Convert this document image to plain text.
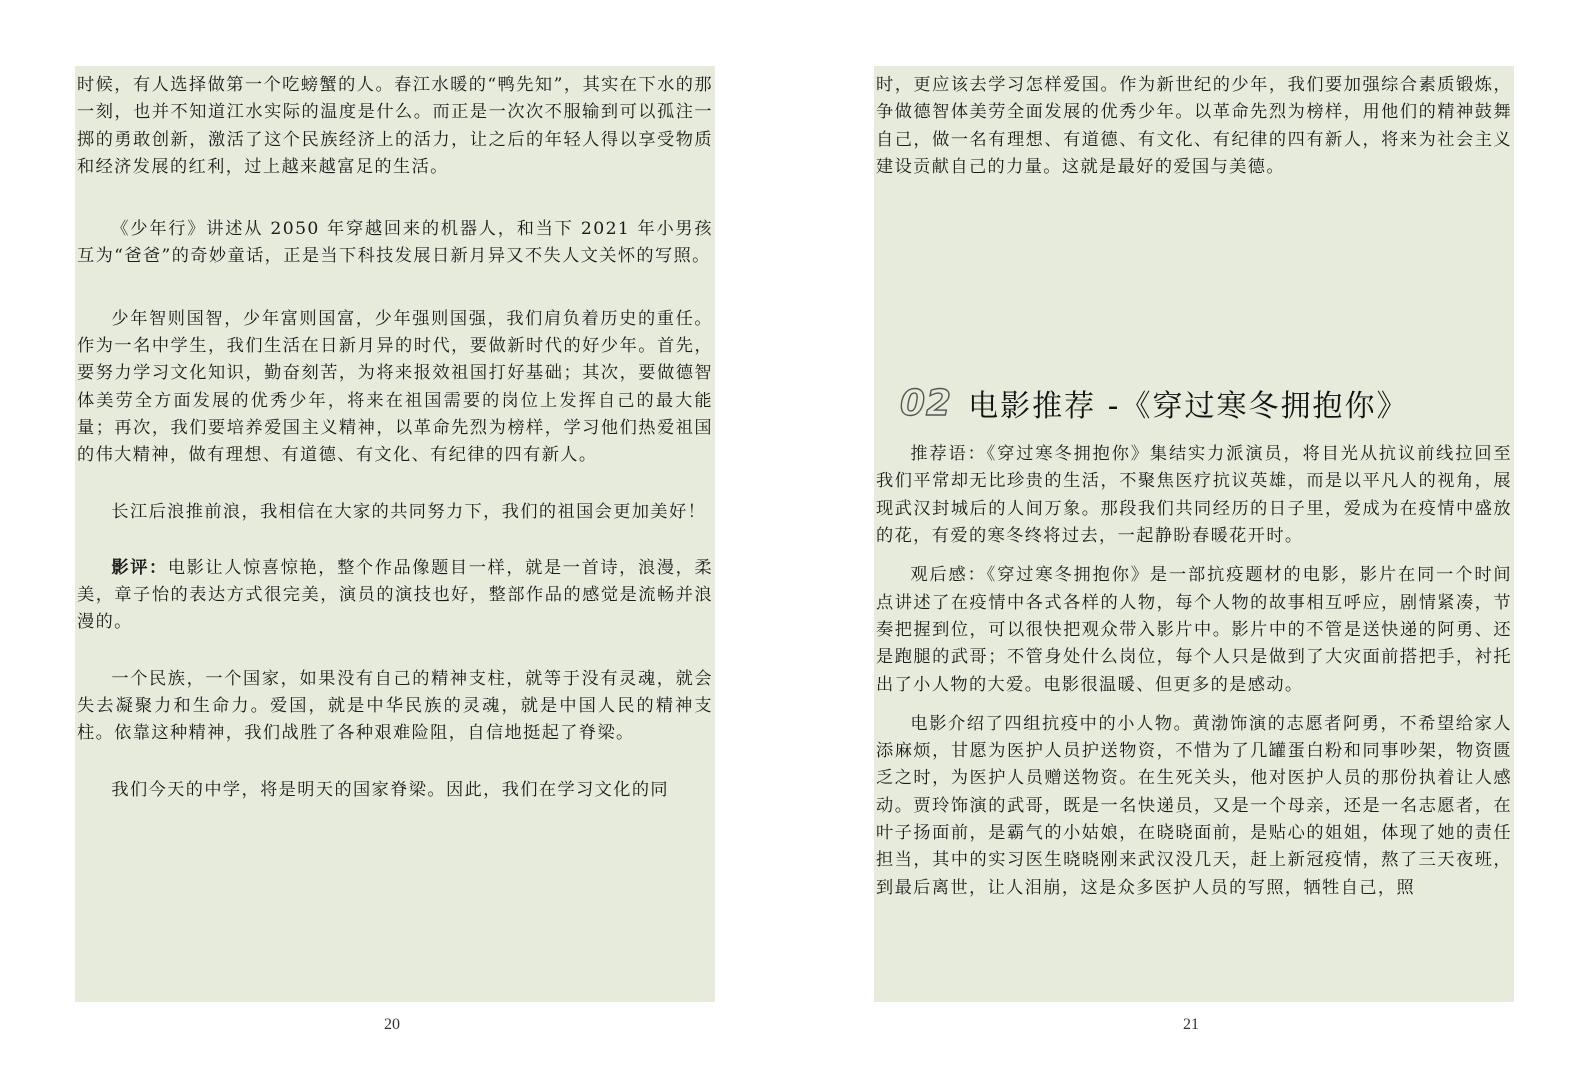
时候，有人选择做第一个吃螃蟹的人。春江水暖的“鸭先知”，其实在下水的那一刻，也并不知道江水实际的温度是什么。而正是一次次不服输到可以孤注一掷的勇敢创新，激活了这个民族经济上的活力，让之后的年轻人得以享受物质和经济发展的红利，过上越来越富足的生活。

《少年行》讲述从 2050 年穿越回来的机器人，和当下 2021 年小男孩互为“爸爸”的奇妙童话，正是当下科技发展日新月异又不失人文关怀的写照。

少年智则国智，少年富则国富，少年强则国强，我们肩负着历史的重任。作为一名中学生，我们生活在日新月异的时代，要做新时代的好少年。首先，要努力学习文化知识，勤奋刻苦，为将来报效祖国打好基础；其次，要做德智体美劳全方面发展的优秀少年，将来在祖国需要的岗位上发挥自己的最大能量；再次，我们要培养爱国主义精神，以革命先烈为榜样，学习他们热爱祖国的伟大精神，做有理想、有道德、有文化、有纪律的四有新人。

长江后浪推前浪，我相信在大家的共同努力下，我们的祖国会更加美好！

影评：电影让人惊喜惊艳，整个作品像题目一样，就是一首诗，浪漫，柔美，章子怡的表达方式很完美，演员的演技也好，整部作品的感觉是流畅并浪漫的。

一个民族，一个国家，如果没有自己的精神支柱，就等于没有灵魂，就会失去凝聚力和生命力。爱国，就是中华民族的灵魂，就是中国人民的精神支柱。依靠这种精神，我们战胜了各种艰难险阻，自信地挺起了脊梁。

我们今天的中学，将是明天的国家脊梁。因此，我们在学习文化的同

20

时，更应该去学习怎样爱国。作为新世纪的少年，我们要加强综合素质锻炼，争做德智体美劳全面发展的优秀少年。以革命先烈为榜样，用他们的精神鼓舞自己，做一名有理想、有道德、有文化、有纪律的四有新人，将来为社会主义建设贡献自己的力量。这就是最好的爱国与美德。

02 电影推荐 -《穿过寒冬拥抱你》

推荐语：《穿过寒冬拥抱你》集结实力派演员，将目光从抗议前线拉回至我们平常却无比珍贵的生活，不聚焦医疗抗议英雄，而是以平凡人的视角，展现武汉封城后的人间万象。那段我们共同经历的日子里，爱成为在疫情中盛放的花，有爱的寒冬终将过去，一起静盼春暖花开时。

观后感：《穿过寒冬拥抱你》是一部抗疫题材的电影，影片在同一个时间点讲述了在疫情中各式各样的人物，每个人物的故事相互呼应，剧情紧凑，节奏把握到位，可以很快把观众带入影片中。影片中的不管是送快递的阿勇、还是跑腿的武哥；不管身处什么岗位，每个人只是做到了大灾面前搭把手，衬托出了小人物的大爱。电影很温暖、但更多的是感动。

电影介绍了四组抗疫中的小人物。黄渤饰演的志愿者阿勇，不希望给家人添麻烦，甘愿为医护人员护送物资，不惜为了几罐蛋白粉和同事吵架，物资匮乏之时，为医护人员赠送物资。在生死关头，他对医护人员的那份执着让人感动。贾玲饰演的武哥，既是一名快递员，又是一个母亲，还是一名志愿者，在叶子扬面前，是霸气的小姑娘，在晓晓面前，是贴心的姐姐，体现了她的责任担当，其中的实习医生晓晓刚来武汉没几天，赶上新冠疫情，熬了三天夜班，到最后离世，让人泪崩，这是众多医护人员的写照，牺牲自己，照

21
